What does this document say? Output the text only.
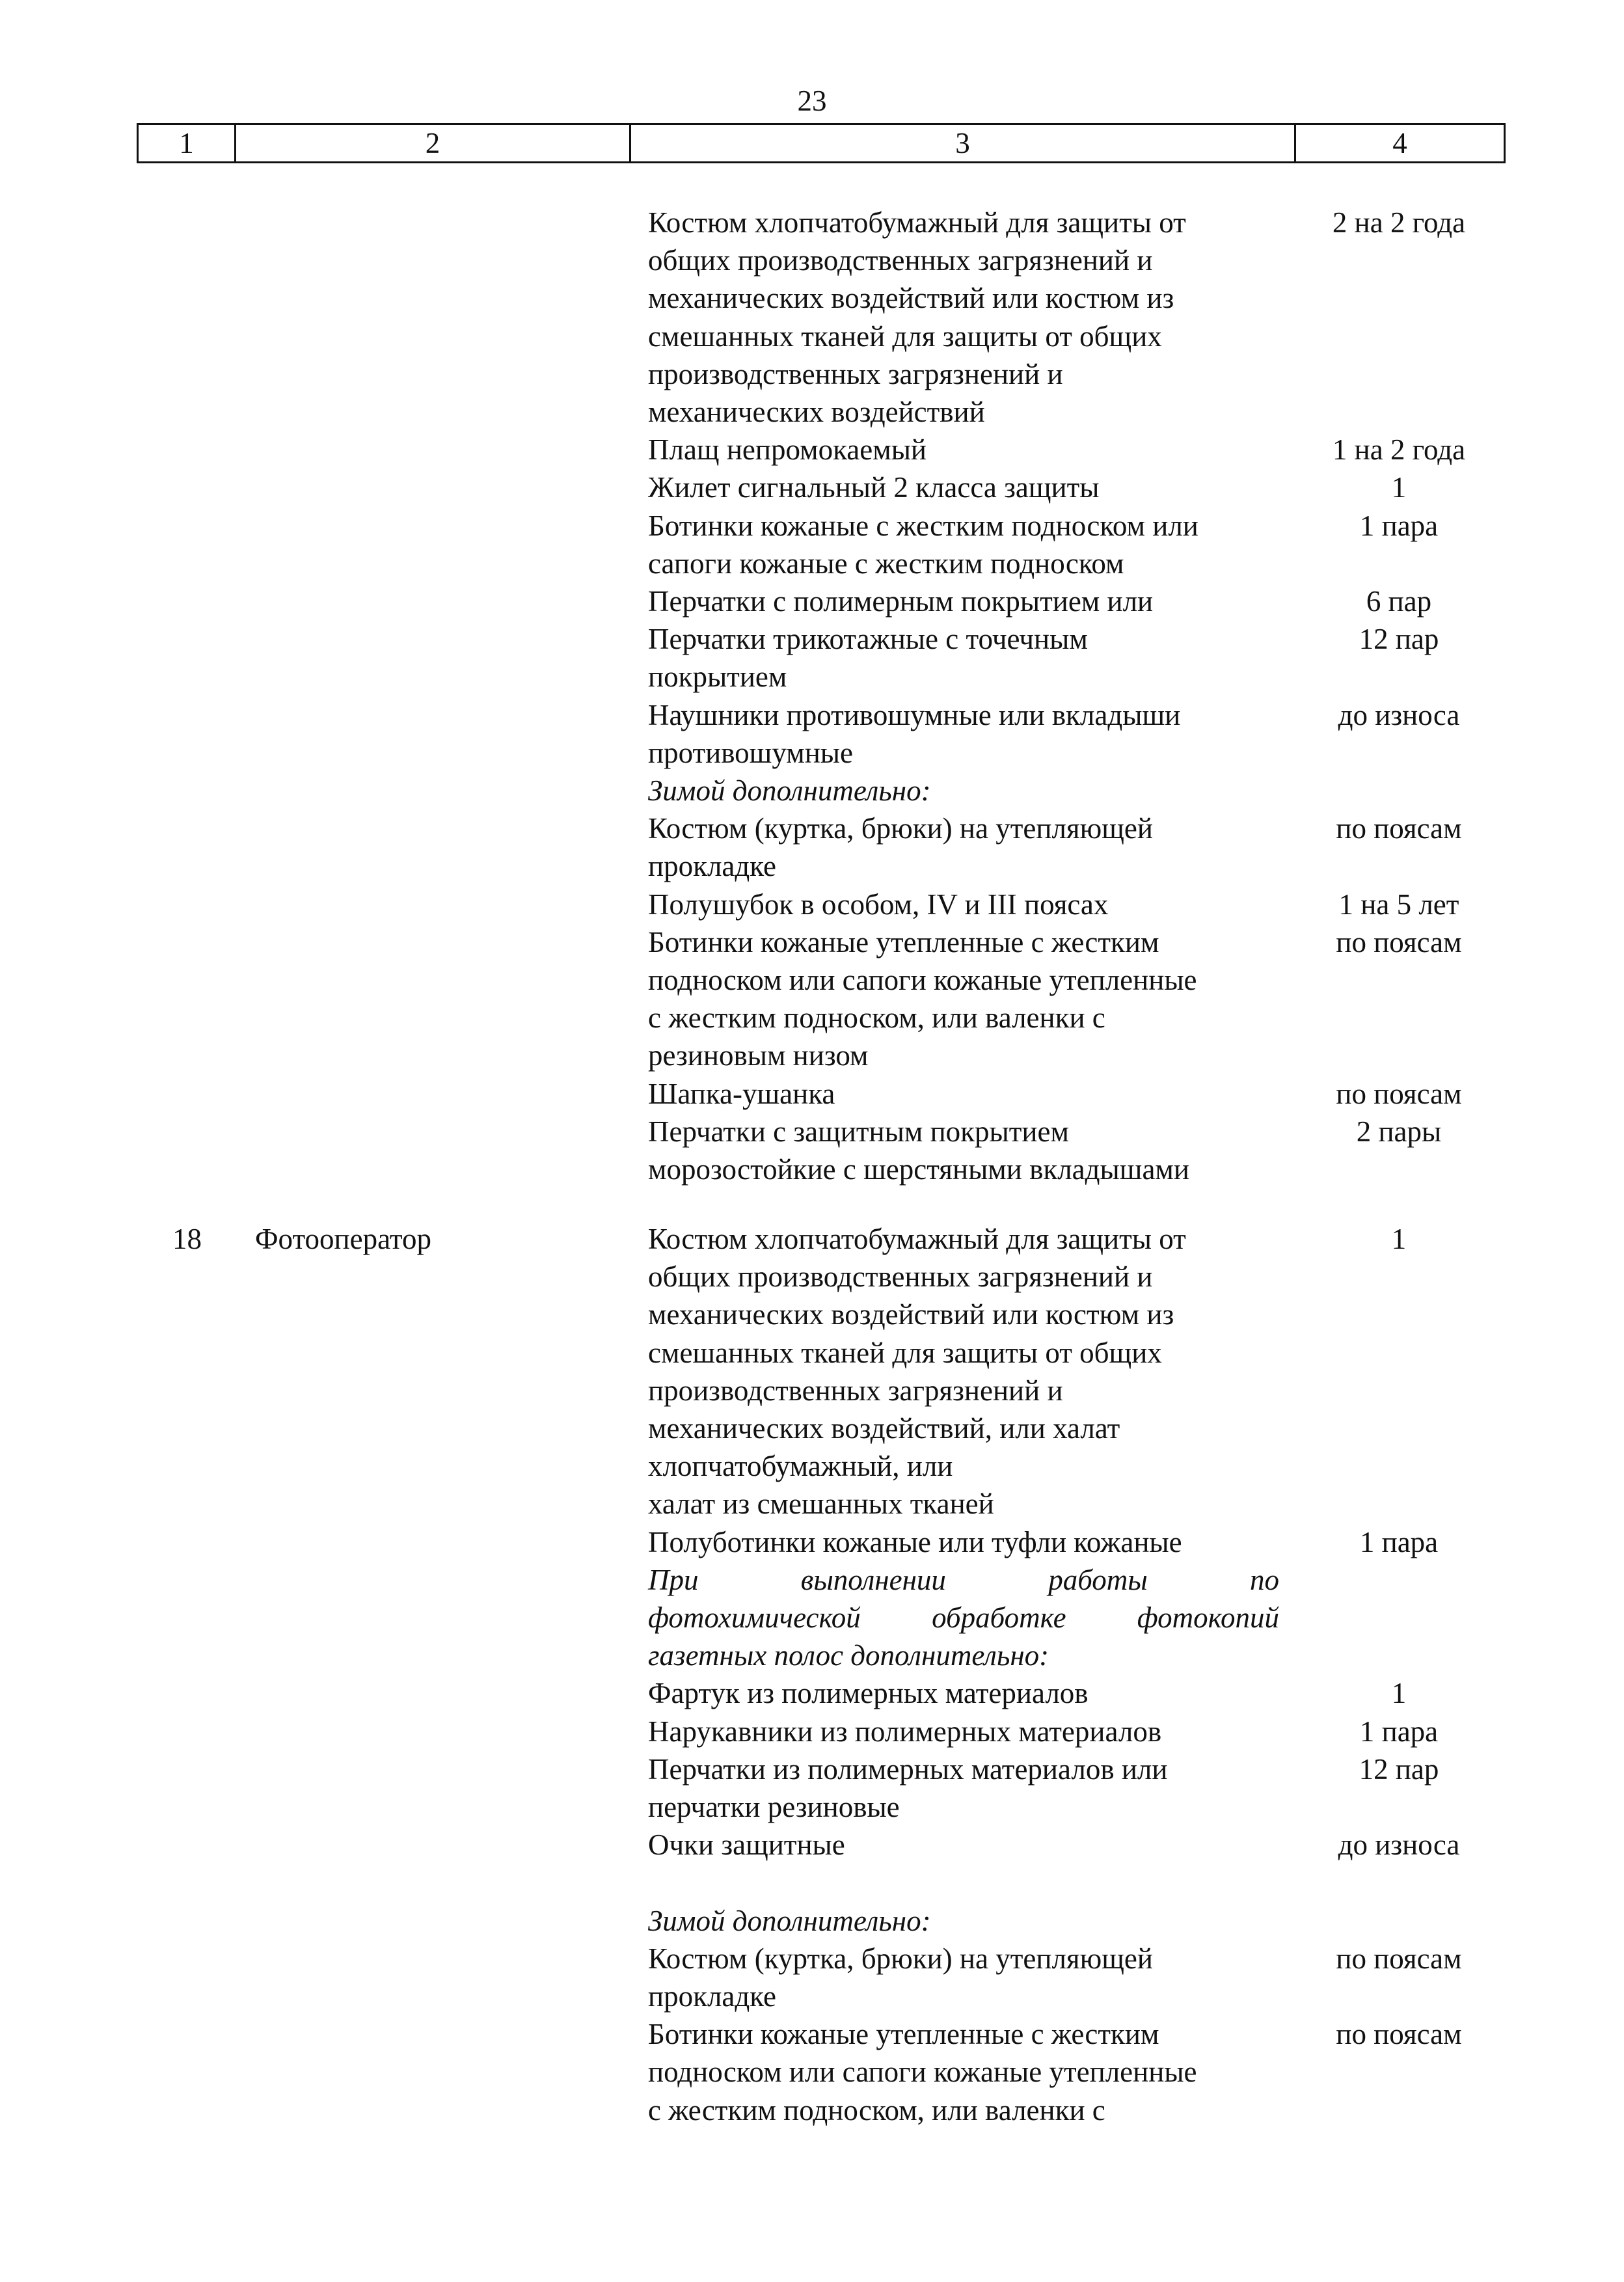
23
1	2	3	4
Костюм хлопчатобумажный для защиты от	2 на 2 года
общих производственных загрязнений и
механических воздействий или костюм из
смешанных тканей для защиты от общих
производственных загрязнений и
механических воздействий
Плащ непромокаемый	1 на 2 года
Жилет сигнальный 2 класса защиты	1
Ботинки кожаные с жестким подноском или	1 пара
сапоги кожаные с жестким подноском
Перчатки с полимерным покрытием или	6 пар
Перчатки трикотажные с точечным	12 пар
покрытием
Наушники противошумные или вкладыши	до износа
противошумные
Зимой дополнительно:
Костюм (куртка, брюки) на утепляющей	по поясам
прокладке
Полушубок в особом, IV и III поясах	1 на 5 лет
Ботинки кожаные утепленные с жестким	по поясам
подноском или сапоги кожаные утепленные
с жестким подноском, или валенки с
резиновым низом
Шапка-ушанка	по поясам
Перчатки с защитным покрытием	2 пары
морозостойкие с шерстяными вкладышами
18	Фотооператор	Костюм хлопчатобумажный для защиты от	1
общих производственных загрязнений и
механических воздействий или костюм из
смешанных тканей для защиты от общих
производственных загрязнений и
механических воздействий, или халат
хлопчатобумажный, или
халат из смешанных тканей
Полуботинки кожаные или туфли кожаные	1 пара
При	выполнении	работы	по
фотохимической обработке фотокопий
газетных полос дополнительно:
Фартук из полимерных материалов	1
Нарукавники из полимерных материалов	1 пара
Перчатки из полимерных материалов или	12 пар
перчатки резиновые
Очки защитные	до износа
Зимой дополнительно:
Костюм (куртка, брюки) на утепляющей	по поясам
прокладке
Ботинки кожаные утепленные с жестким	по поясам
подноском или сапоги кожаные утепленные
с жестким подноском, или валенки с
